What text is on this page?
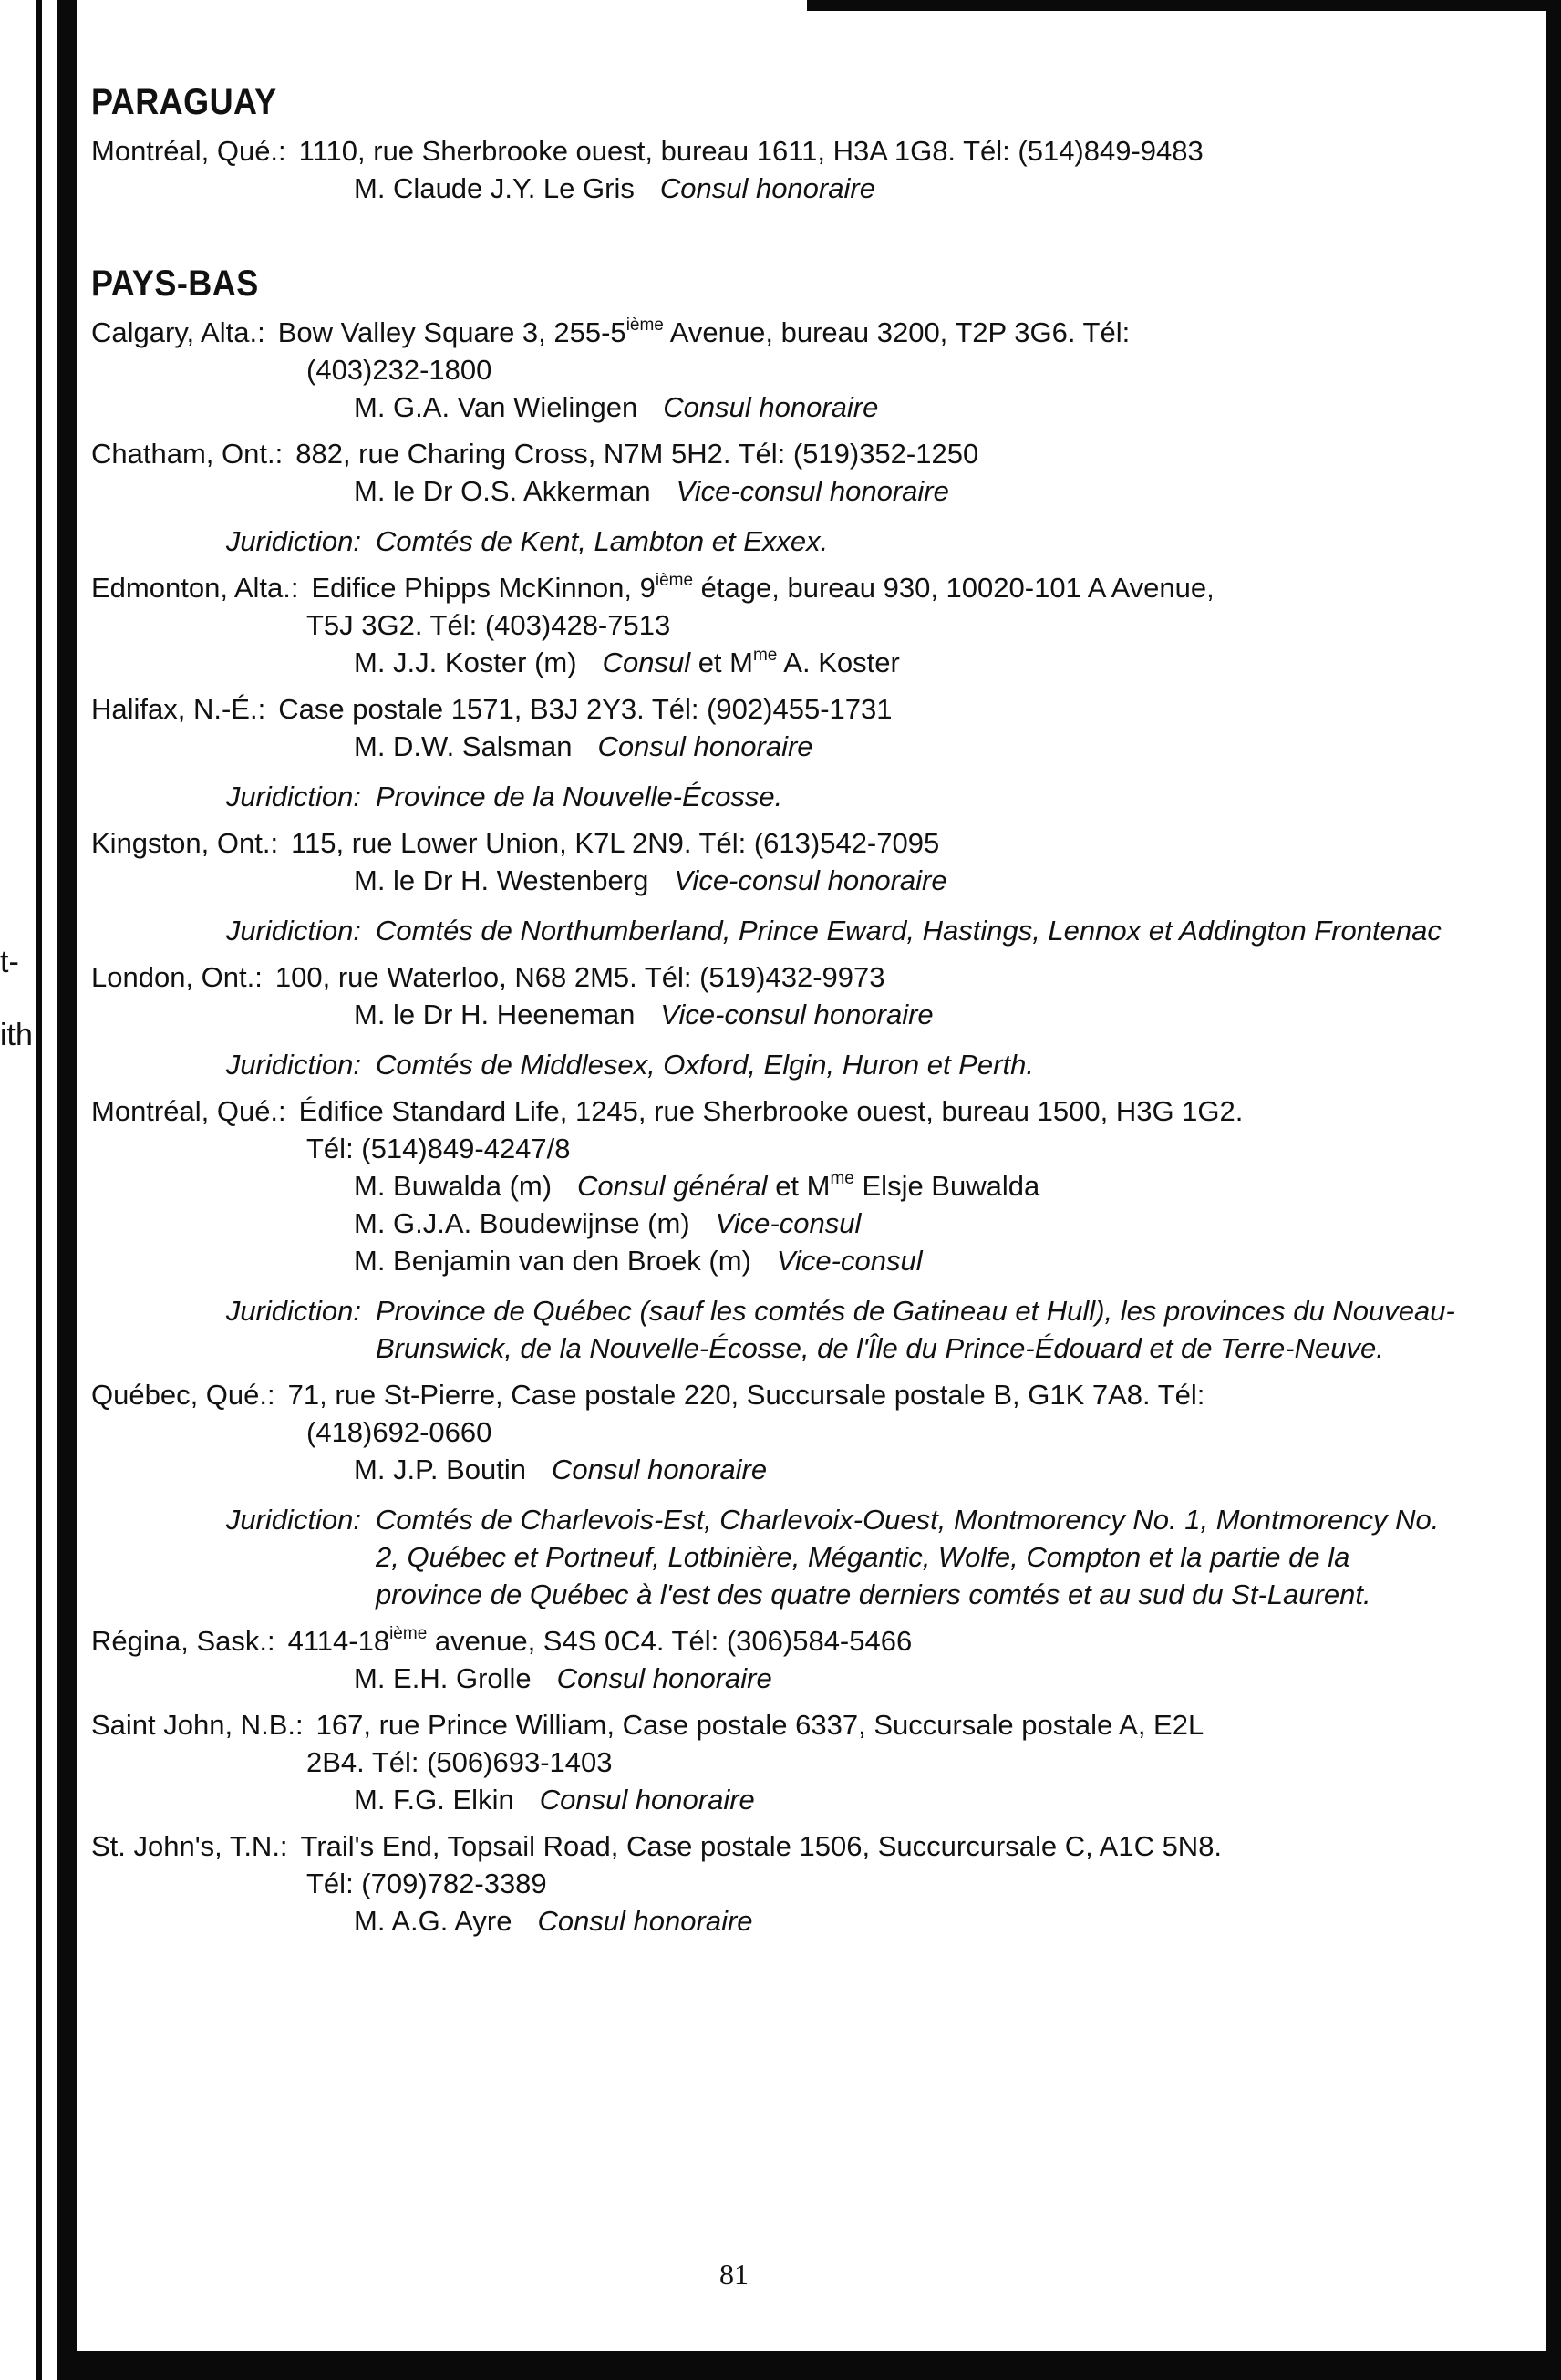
t-
ith
PARAGUAY
Montréal, Qué.: 1110, rue Sherbrooke ouest, bureau 1611, H3A 1G8. Tél: (514)849-9483
M. Claude J.Y. Le Gris Consul honoraire
PAYS-BAS
Calgary, Alta.: Bow Valley Square 3, 255-5ième Avenue, bureau 3200, T2P 3G6. Tél:
(403)232-1800
M. G.A. Van Wielingen Consul honoraire
Chatham, Ont.: 882, rue Charing Cross, N7M 5H2. Tél: (519)352-1250
M. le Dr O.S. Akkerman Vice-consul honoraire
Juridiction: Comtés de Kent, Lambton et Exxex.
Edmonton, Alta.: Edifice Phipps McKinnon, 9ième étage, bureau 930, 10020-101 A Avenue,
T5J 3G2. Tél: (403)428-7513
M. J.J. Koster (m) Consul et $M^{me}$ A. Koster
Halifax, N.-É.: Case postale 1571, B3J 2Y3. Tél: (902)455-1731
M. D.W. Salsman Consul honoraire
Juridiction: Province de la Nouvelle-Écosse.
Kingston, Ont.: 115, rue Lower Union, K7L 2N9. Tél: (613)542-7095
M. le Dr H. Westenberg Vice-consul honoraire
Juridiction: Comtés de Northumberland, Prince Eward, Hastings, Lennox et Addington Frontenac
London, Ont.: 100, rue Waterloo, N68 2M5. Tél: (519)432-9973
M. le Dr H. Heeneman Vice-consul honoraire
Juridiction: Comtés de Middlesex, Oxford, Elgin, Huron et Perth.
Montréal, Qué.: Édifice Standard Life, 1245, rue Sherbrooke ouest, bureau 1500, H3G 1G2.
Tél: (514)849-4247/8
M. Buwalda (m) Consul général et $M^{me}$ Elsje Buwalda
M. G.J.A. Boudewijnse (m) Vice-consul
M. Benjamin van den Broek (m) Vice-consul
Juridiction: Province de Québec (sauf les comtés de Gatineau et Hull), les provinces du Nouveau-Brunswick, de la Nouvelle-Écosse, de l'Île du Prince-Édouard et de Terre-Neuve.
Québec, Qué.: 71, rue St-Pierre, Case postale 220, Succursale postale B, G1K 7A8. Tél:
(418)692-0660
M. J.P. Boutin Consul honoraire
Juridiction: Comtés de Charlevois-Est, Charlevoix-Ouest, Montmorency No. 1, Montmorency No. 2, Québec et Portneuf, Lotbinière, Mégantic, Wolfe, Compton et la partie de la province de Québec à l'est des quatre derniers comtés et au sud du St-Laurent.
Régina, Sask.: 4114-18ième avenue, S4S 0C4. Tél: (306)584-5466
M. E.H. Grolle Consul honoraire
Saint John, N.B.: 167, rue Prince William, Case postale 6337, Succursale postale A, E2L
2B4. Tél: (506)693-1403
M. F.G. Elkin Consul honoraire
St. John's, T.N.: Trail's End, Topsail Road, Case postale 1506, Succurcursale C, A1C 5N8.
Tél: (709)782-3389
M. A.G. Ayre Consul honoraire
81
